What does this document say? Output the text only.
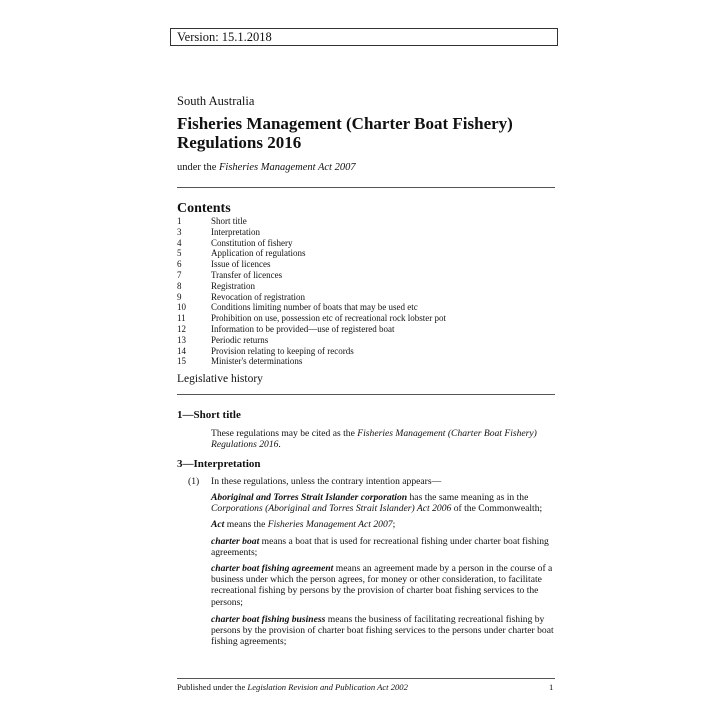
Version: 15.1.2018
South Australia
Fisheries Management (Charter Boat Fishery) Regulations 2016
under the Fisheries Management Act 2007
Contents
1	Short title
3	Interpretation
4	Constitution of fishery
5	Application of regulations
6	Issue of licences
7	Transfer of licences
8	Registration
9	Revocation of registration
10	Conditions limiting number of boats that may be used etc
11	Prohibition on use, possession etc of recreational rock lobster pot
12	Information to be provided—use of registered boat
13	Periodic returns
14	Provision relating to keeping of records
15	Minister's determinations
Legislative history
1—Short title
These regulations may be cited as the Fisheries Management (Charter Boat Fishery) Regulations 2016.
3—Interpretation
(1) In these regulations, unless the contrary intention appears—
Aboriginal and Torres Strait Islander corporation has the same meaning as in the Corporations (Aboriginal and Torres Strait Islander) Act 2006 of the Commonwealth;
Act means the Fisheries Management Act 2007;
charter boat means a boat that is used for recreational fishing under charter boat fishing agreements;
charter boat fishing agreement means an agreement made by a person in the course of a business under which the person agrees, for money or other consideration, to facilitate recreational fishing by persons by the provision of charter boat fishing services to the persons;
charter boat fishing business means the business of facilitating recreational fishing by persons by the provision of charter boat fishing services to the persons under charter boat fishing agreements;
Published under the Legislation Revision and Publication Act 2002	1
